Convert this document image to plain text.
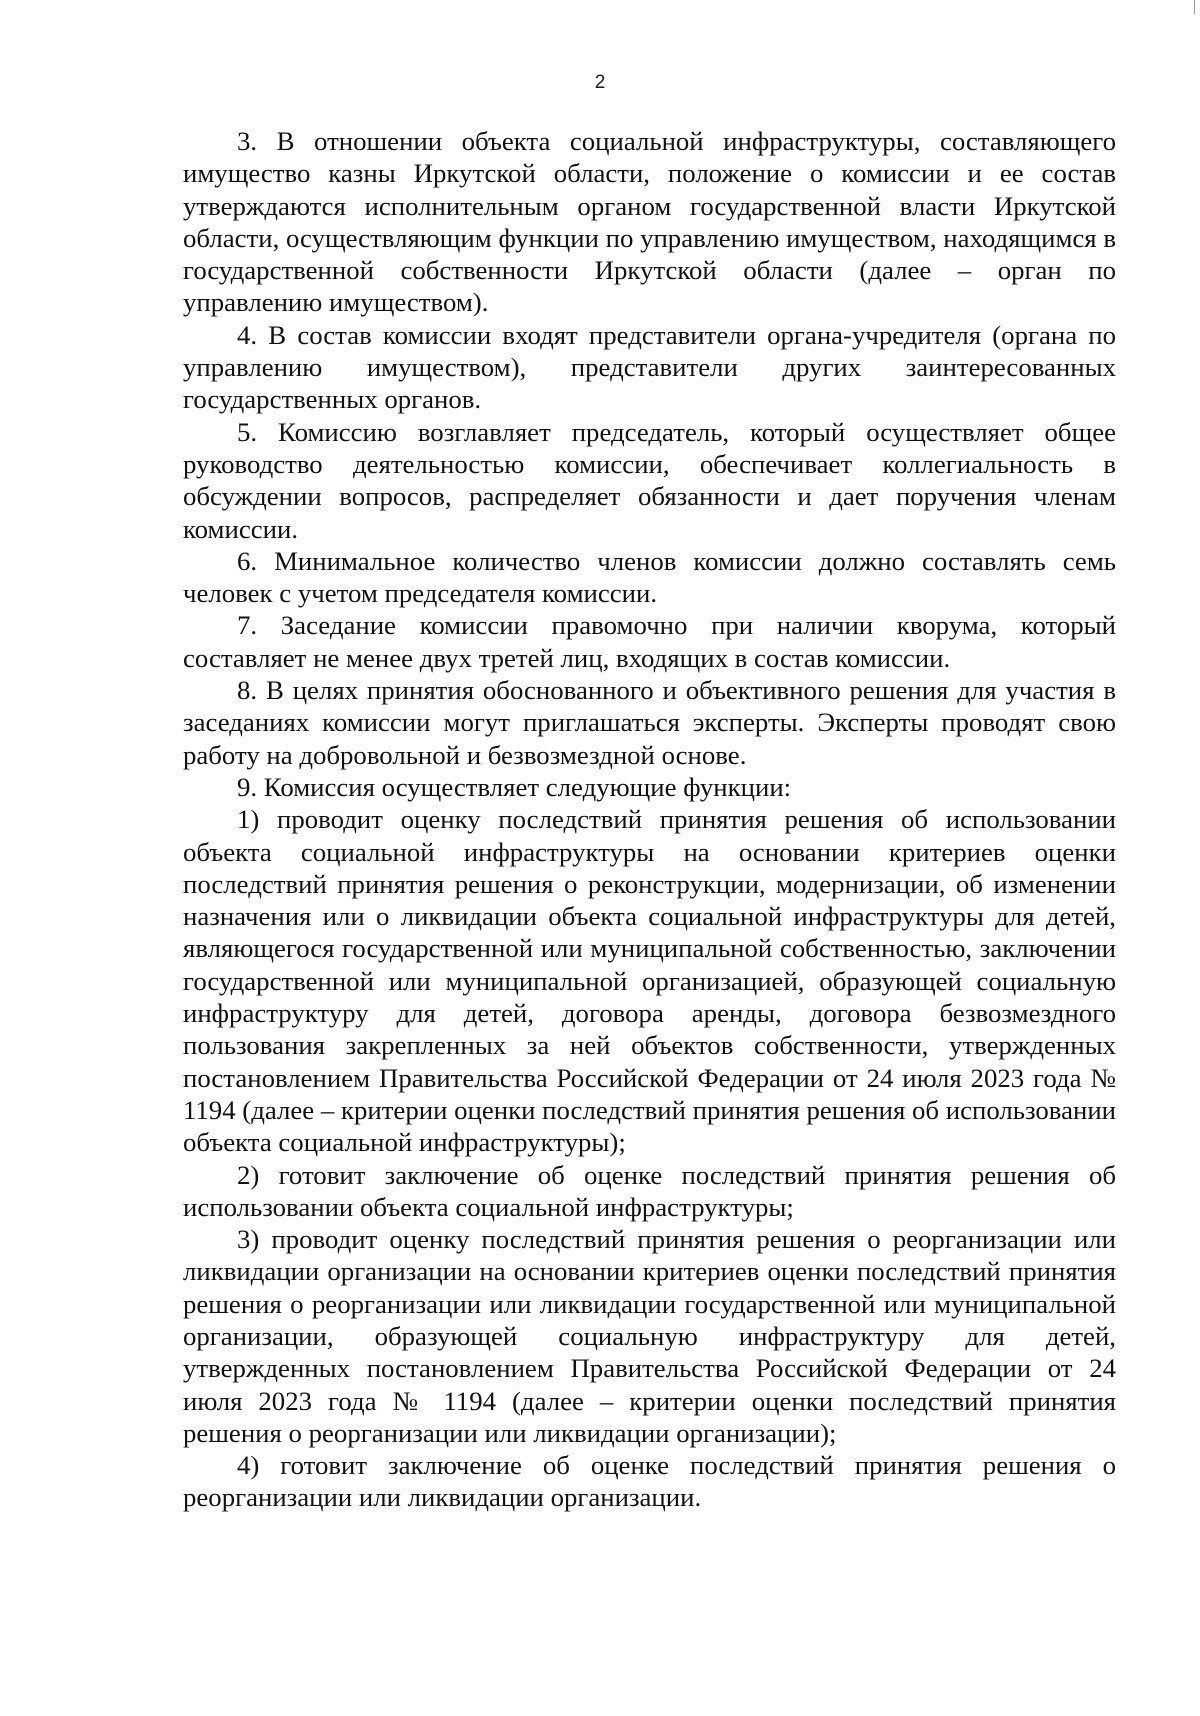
2

3. В отношении объекта социальной инфраструктуры, составляющего имущество казны Иркутской области, положение о комиссии и ее состав утверждаются исполнительным органом государственной власти Иркутской области, осуществляющим функции по управлению имуществом, находящимся в государственной собственности Иркутской области (далее – орган по управлению имуществом).

4. В состав комиссии входят представители органа-учредителя (органа по управлению имуществом), представители других заинтересованных государственных органов.

5. Комиссию возглавляет председатель, который осуществляет общее руководство деятельностью комиссии, обеспечивает коллегиальность в обсуждении вопросов, распределяет обязанности и дает поручения членам комиссии.

6. Минимальное количество членов комиссии должно составлять семь человек с учетом председателя комиссии.

7. Заседание комиссии правомочно при наличии кворума, который составляет не менее двух третей лиц, входящих в состав комиссии.

8. В целях принятия обоснованного и объективного решения для участия в заседаниях комиссии могут приглашаться эксперты. Эксперты проводят свою работу на добровольной и безвозмездной основе.

9. Комиссия осуществляет следующие функции:

1) проводит оценку последствий принятия решения об использовании объекта социальной инфраструктуры на основании критериев оценки последствий принятия решения о реконструкции, модернизации, об изменении назначения или о ликвидации объекта социальной инфраструктуры для детей, являющегося государственной или муниципальной собственностью, заключении государственной или муниципальной организацией, образующей социальную инфраструктуру для детей, договора аренды, договора безвозмездного пользования закрепленных за ней объектов собственности, утвержденных постановлением Правительства Российской Федерации от 24 июля 2023 года № 1194 (далее – критерии оценки последствий принятия решения об использовании объекта социальной инфраструктуры);

2) готовит заключение об оценке последствий принятия решения об использовании объекта социальной инфраструктуры;

3) проводит оценку последствий принятия решения о реорганизации или ликвидации организации на основании критериев оценки последствий принятия решения о реорганизации или ликвидации государственной или муниципальной организации, образующей социальную инфраструктуру для детей, утвержденных постановлением Правительства Российской Федерации от 24 июля 2023 года № 1194 (далее – критерии оценки последствий принятия решения о реорганизации или ликвидации организации);

4) готовит заключение об оценке последствий принятия решения о реорганизации или ликвидации организации.
